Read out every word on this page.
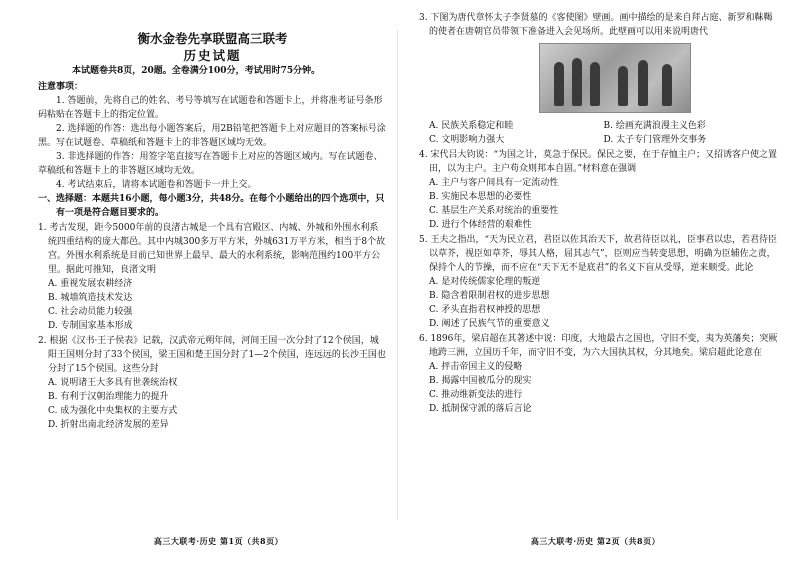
衡水金卷先享联盟高三联考
历史试题
本试题卷共8页，20题。全卷满分100分，考试用时75分钟。
注意事项：
1. 答题前，先将自己的姓名、考号等填写在试题卷和答题卡上，并将准考证号条形码粘贴在答题卡上的指定位置。
2. 选择题的作答：选出每小题答案后，用2B铅笔把答题卡上对应题目的答案标号涂黑。写在试题卷、草稿纸和答题卡上的非答题区域均无效。
3. 非选择题的作答：用签字笔直接写在答题卡上对应的答题区域内。写在试题卷、草稿纸和答题卡上的非答题区域均无效。
4. 考试结束后，请将本试题卷和答题卡一并上交。
一、选择题：本题共16小题，每小题3分，共48分。在每个小题给出的四个选项中，只有一项是符合题目要求的。
1. 考古发现，距今5000年前的良渚古城是一个具有宫殿区、内城、外城和外围水利系统四重结构的庞大都邑。其中内城300多万平方米，外城631万平方米，相当于8个故宫。外围水利系统是目前已知世界上最早、最大的水利系统，影响范围约100平方公里。据此可推知，良渚文明
A. 重视发展农耕经济
B. 城墙筑造技术发达
C. 社会动员能力较强
D. 专制国家基本形成
2. 根据《汉书·王子侯表》记载，汉武帝元朔年间，河间王国一次分封了12个侯国，城阳王国则分封了33个侯国，梁王国和楚王国分封了1—2个侯国，连远远的长沙王国也分封了15个侯国。这些分封
A. 说明诸王大多具有世袭统治权
B. 有利于汉朝治理能力的提升
C. 成为强化中央集权的主要方式
D. 折射出南北经济发展的差异
高三大联考·历史 第1页（共8页）
3. 下图为唐代章怀太子李贤墓的《客使图》壁画。画中描绘的是来自拜占庭、新罗和靺鞨的使者在唐朝官员带领下准备进入会见场所。此壁画可以用来说明唐代
A. 民族关系稳定和睦	B. 绘画充满浪漫主义色彩
C. 文明影响力强大	D. 太子专门管理外交事务
4. 宋代吕大钧说：“为国之计，莫急于保民。保民之要，在于存恤主户；又招诱客户使之置田，以为主户。主户苟众则邦本自固。”材料意在强调
A. 主户与客户间具有一定流动性
B. 实施民本思想的必要性
C. 基层生产关系对统治的重要性
D. 进行个体经营的艰难性
5. 王夫之指出，“天为民立君，君臣以佐其治天下，故君待臣以礼，臣事君以忠，若君待臣以草芥，视臣如草芥，辱其人格，屈其志气”，臣则应当转变思想，明确为臣辅佐之责，保持个人的节操，而不应在“天下无不是底君”的名义下盲从受辱，逆来顺受。此论
A. 是对传统儒家伦理的叛逆
B. 隐含着限制君权的进步思想
C. 矛头直指君权神授的思想
D. 阐述了民族气节的重要意义
6. 1896年，梁启超在其著述中说：印度，大地最古之国也，守旧不变，夷为英藩矣；突厥地跨三洲，立国历千年，而守旧不变，为六大国执其权，分其地矣。梁启超此论意在
A. 抨击帝国主义的侵略
B. 揭露中国被瓜分的现实
C. 推动维新变法的进行
D. 抵制保守派的落后言论
高三大联考·历史 第2页（共8页）
